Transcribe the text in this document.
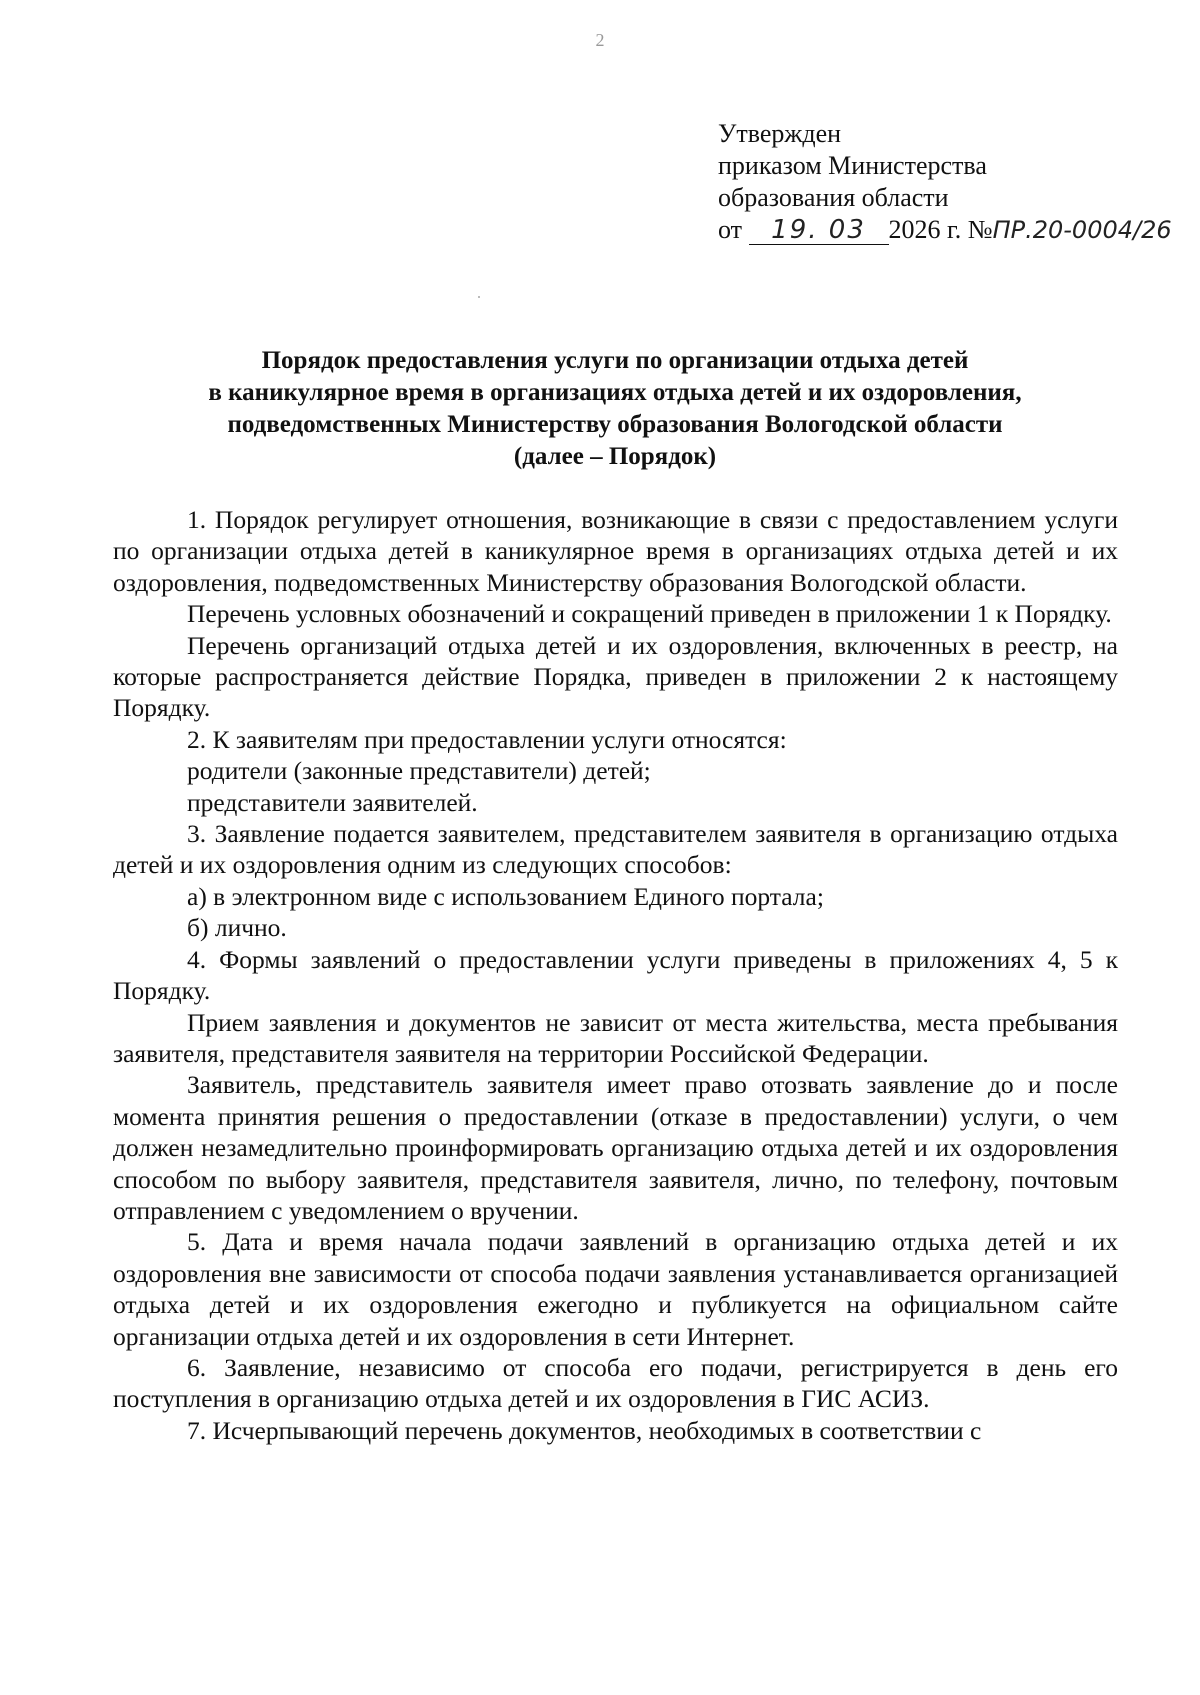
2
Утвержден
приказом Министерства
образования области
от 19. 03 2026 г. №ПР.20-0004/26
Порядок предоставления услуги по организации отдыха детей
в каникулярное время в организациях отдыха детей и их оздоровления,
подведомственных Министерству образования Вологодской области
(далее – Порядок)

1. Порядок регулирует отношения, возникающие в связи с предоставлением услуги по организации отдыха детей в каникулярное время в организациях отдыха детей и их оздоровления, подведомственных Министерству образования Вологодской области.

Перечень условных обозначений и сокращений приведен в приложении 1 к Порядку.

Перечень организаций отдыха детей и их оздоровления, включенных в реестр, на которые распространяется действие Порядка, приведен в приложении 2 к настоящему Порядку.

2. К заявителям при предоставлении услуги относятся:

родители (законные представители) детей;

представители заявителей.

3. Заявление подается заявителем, представителем заявителя в организацию отдыха детей и их оздоровления одним из следующих способов:

а) в электронном виде с использованием Единого портала;

б) лично.

4. Формы заявлений о предоставлении услуги приведены в приложениях 4, 5 к Порядку.

Прием заявления и документов не зависит от места жительства, места пребывания заявителя, представителя заявителя на территории Российской Федерации.

Заявитель, представитель заявителя имеет право отозвать заявление до и после момента принятия решения о предоставлении (отказе в предоставлении) услуги, о чем должен незамедлительно проинформировать организацию отдыха детей и их оздоровления способом по выбору заявителя, представителя заявителя, лично, по телефону, почтовым отправлением с уведомлением о вручении.

5. Дата и время начала подачи заявлений в организацию отдыха детей и их оздоровления вне зависимости от способа подачи заявления устанавливается организацией отдыха детей и их оздоровления ежегодно и публикуется на официальном сайте организации отдыха детей и их оздоровления в сети Интернет.

6. Заявление, независимо от способа его подачи, регистрируется в день его поступления в организацию отдыха детей и их оздоровления в ГИС АСИЗ.

7. Исчерпывающий перечень документов, необходимых в соответствии с
